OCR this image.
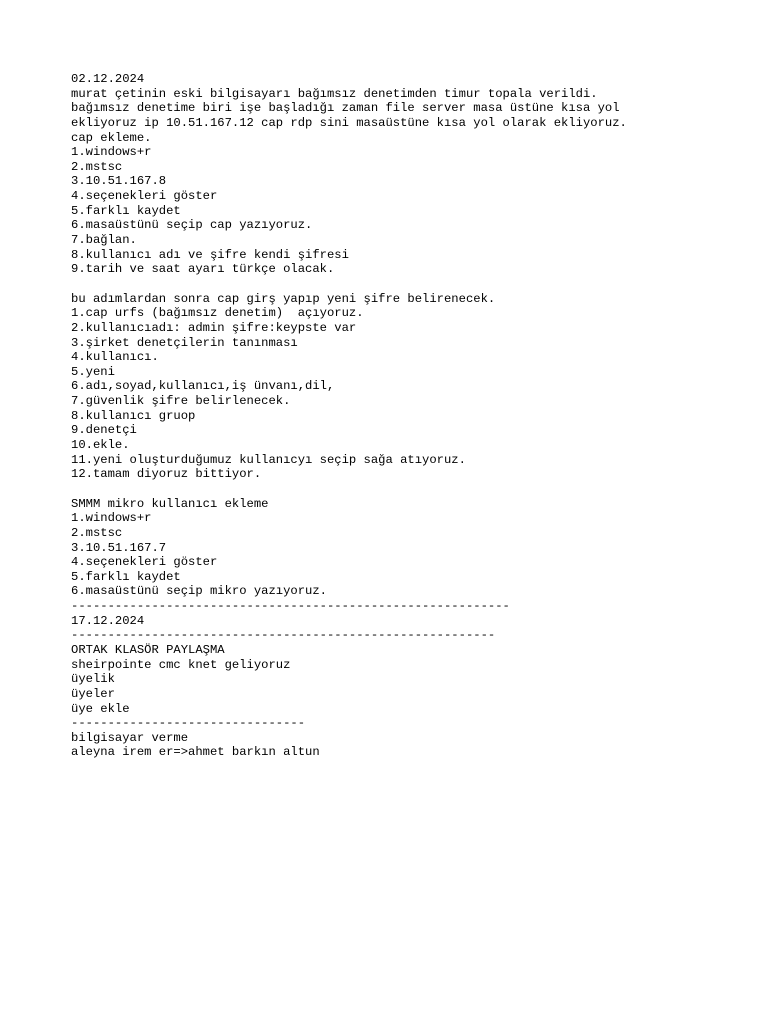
02.12.2024
murat çetinin eski bilgisayarı bağımsız denetimden timur topala verildi.
bağımsız denetime biri işe başladığı zaman file server masa üstüne kısa yol
ekliyoruz ip 10.51.167.12 cap rdp sini masaüstüne kısa yol olarak ekliyoruz.
cap ekleme.
1.windows+r
2.mstsc
3.10.51.167.8
4.seçenekleri göster
5.farklı kaydet
6.masaüstünü seçip cap yazıyoruz.
7.bağlan.
8.kullanıcı adı ve şifre kendi şifresi
9.tarih ve saat ayarı türkçe olacak.
bu adımlardan sonra cap girş yapıp yeni şifre belirenecek.
1.cap urfs (bağımsız denetim)  açıyoruz.
2.kullanıcıadı: admin şifre:keypste var
3.şirket denetçilerin tanınması
4.kullanıcı.
5.yeni
6.adı,soyad,kullanıcı,iş ünvanı,dil,
7.güvenlik şifre belirlenecek.
8.kullanıcı gruop
9.denetçi
10.ekle.
11.yeni oluşturduğumuz kullanıcyı seçip sağa atıyoruz.
12.tamam diyoruz bittiyor.
SMMM mikro kullanıcı ekleme
1.windows+r
2.mstsc
3.10.51.167.7
4.seçenekleri göster
5.farklı kaydet
6.masaüstünü seçip mikro yazıyoruz.
------------------------------------------------------------
17.12.2024
----------------------------------------------------------
ORTAK KLASÖR PAYLAŞMA
sheirpointe cmc knet geliyoruz
üyelik
üyeler
üye ekle
--------------------------------
bilgisayar verme
aleyna irem er=>ahmet barkın altun
